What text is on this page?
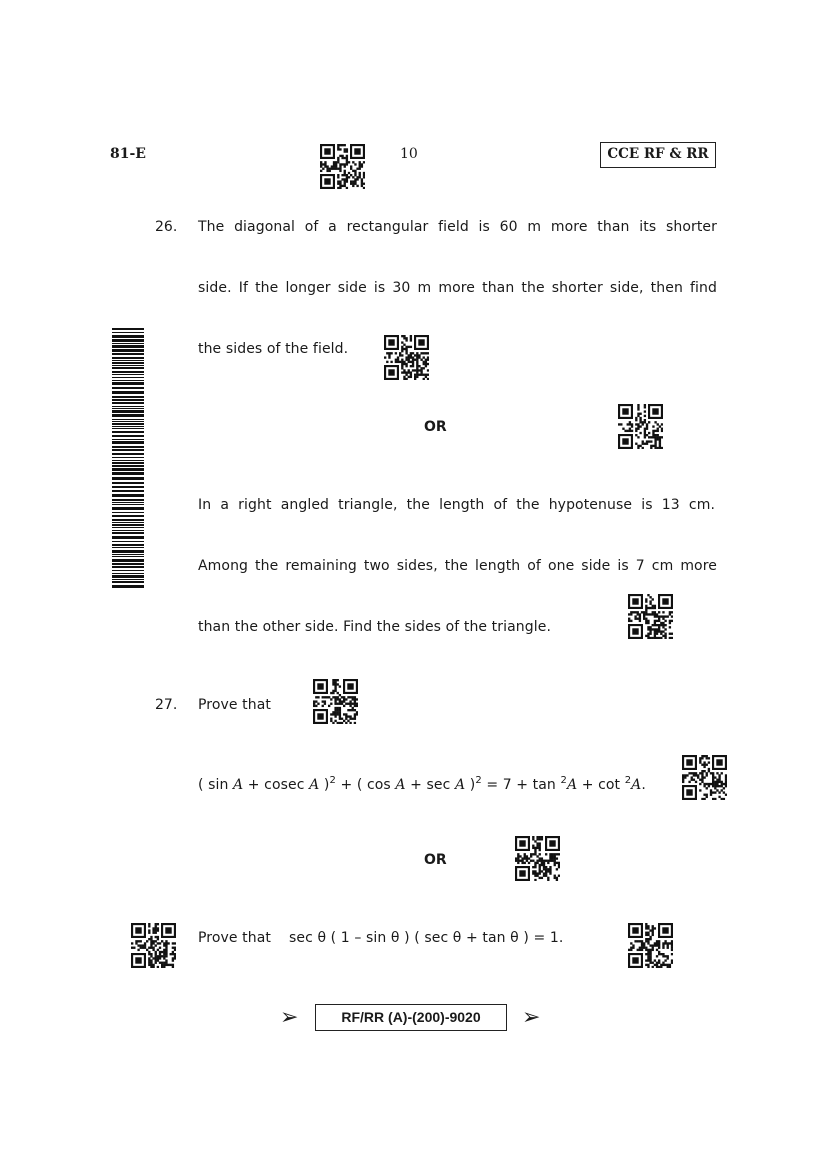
81-E	10	CCE RF & RR
26. The diagonal of a rectangular field is 60 m more than its shorter
side. If the longer side is 30 m more than the shorter side, then find
the sides of the field.
OR
In a right angled triangle, the length of the hypotenuse is 13 cm.
Among the remaining two sides, the length of one side is 7 cm more
than the other side. Find the sides of the triangle.
27. Prove that
( sin A + cosec A )$^2$ + ( cos A + sec A )$^2$ = 7 + tan $^2$A + cot $^2$A.
OR
Prove that sec θ ( 1 – sin θ ) ( sec θ + tan θ ) = 1.
➢	RF/RR (A)-(200)-9020	➢
